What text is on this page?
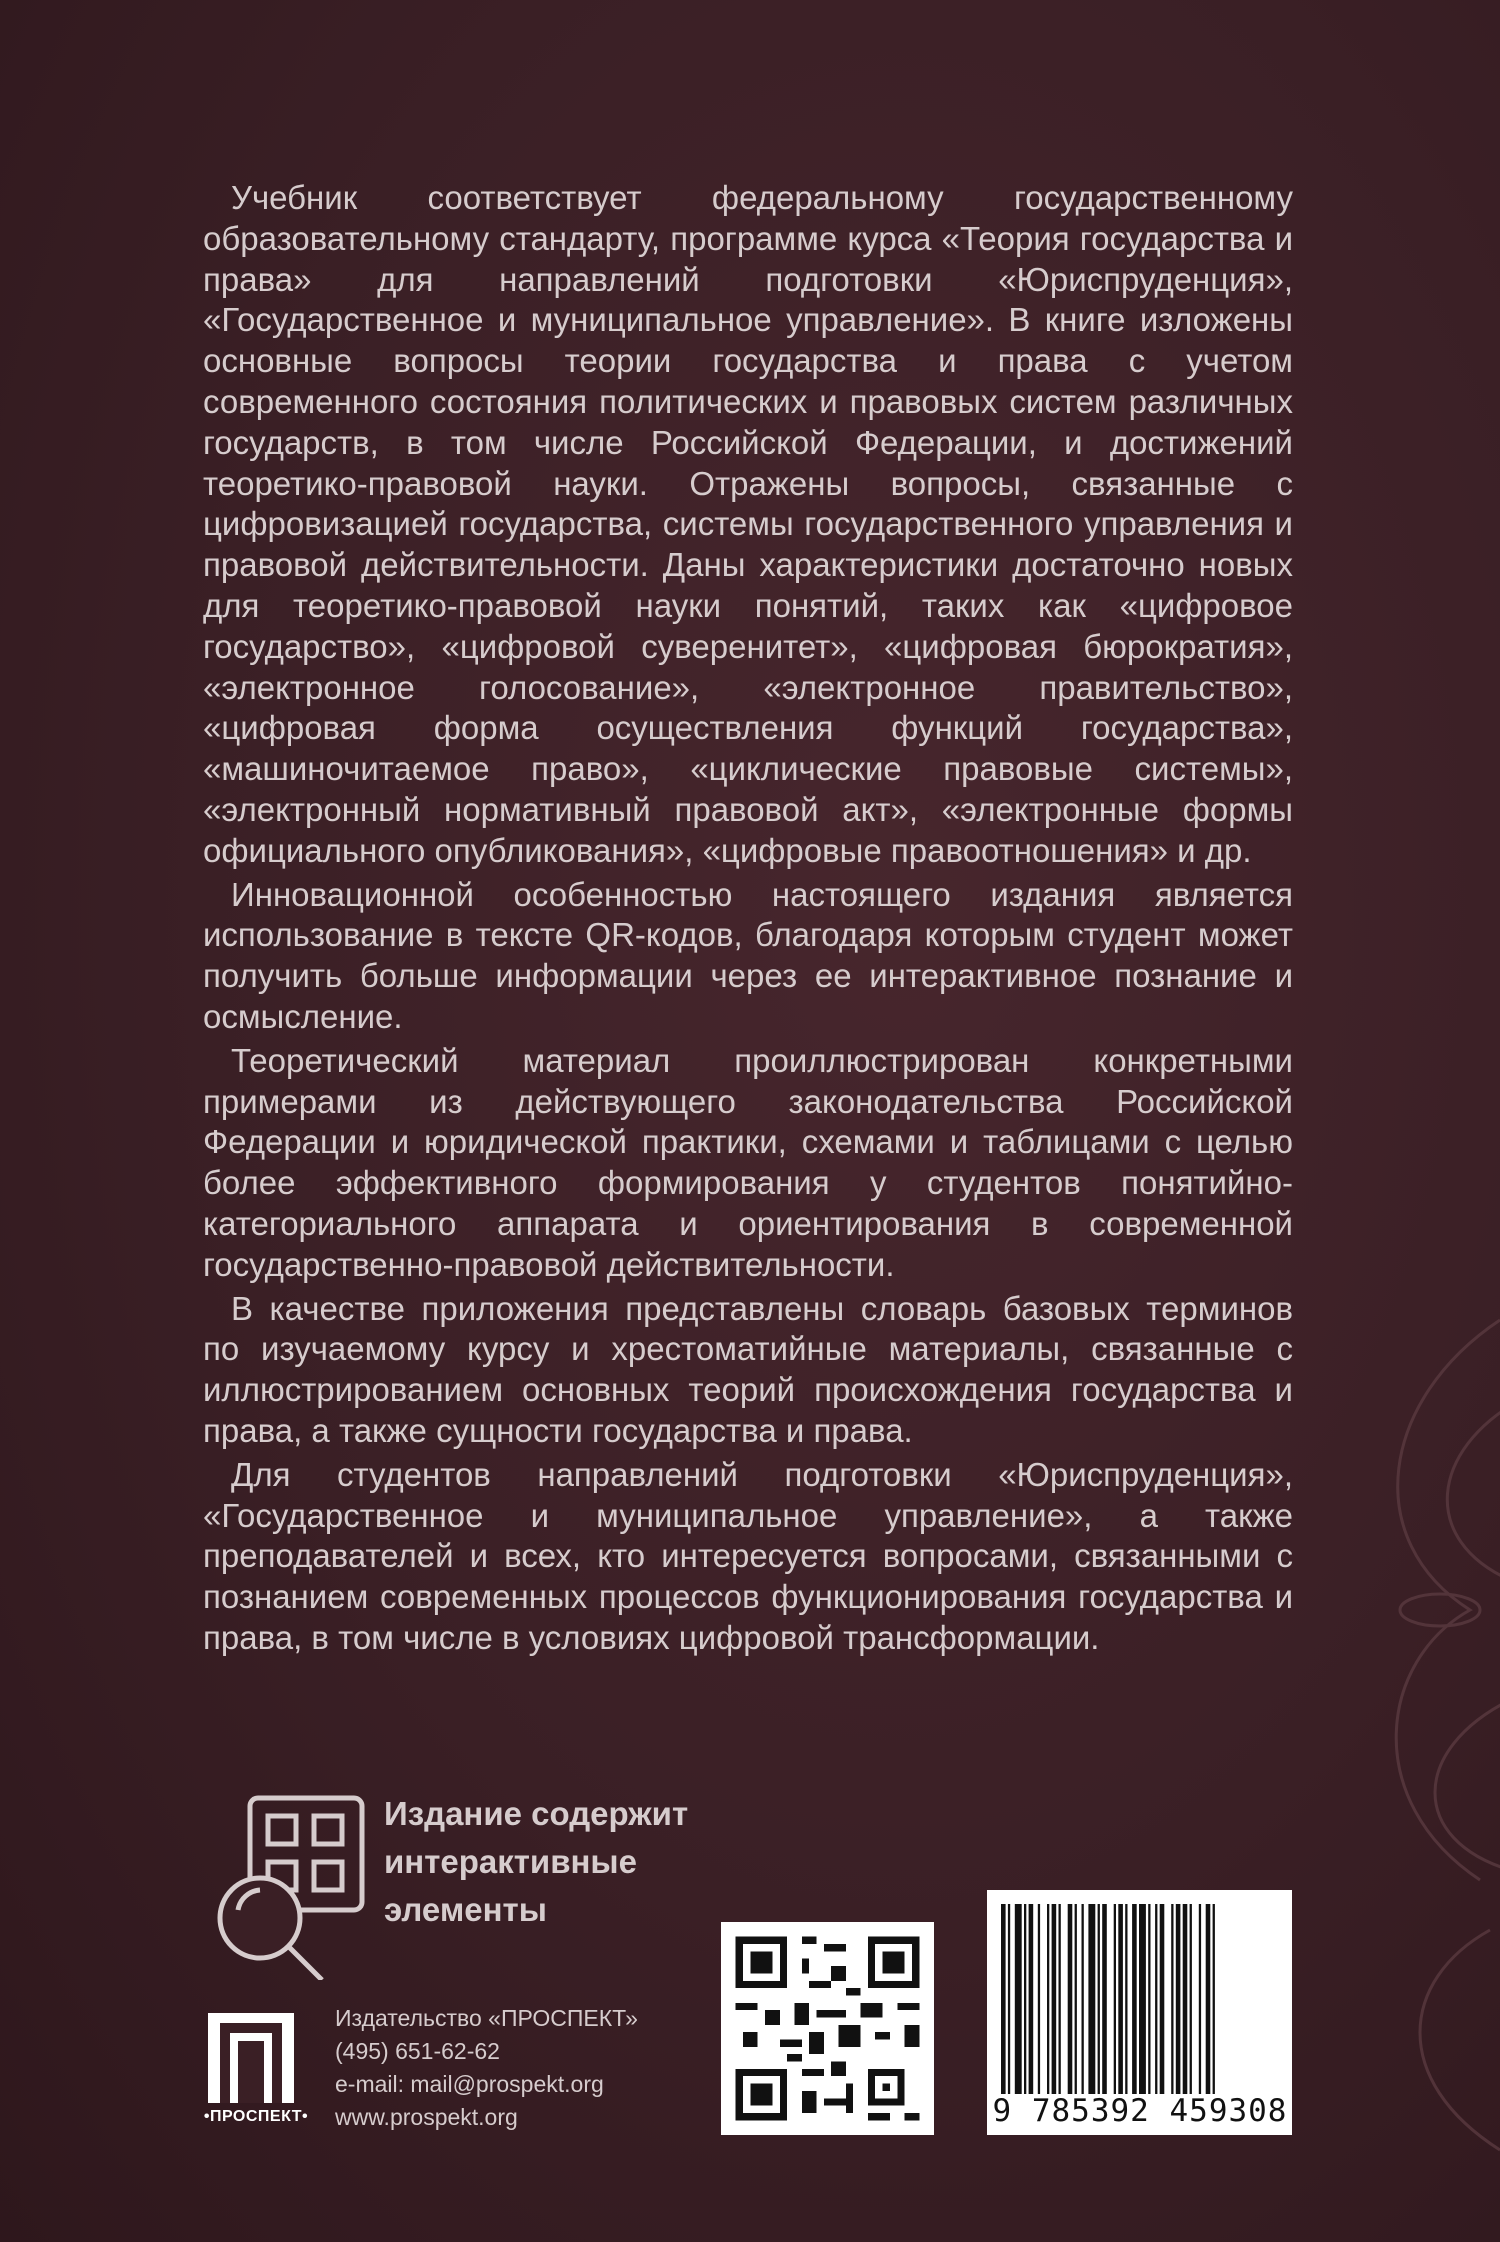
Учебник соответствует федеральному государственному образовательному стандарту, программе курса «Теория государства и права» для направлений подготовки «Юриспруденция», «Государственное и муниципальное управление». В книге изложены основные вопросы теории государства и права с учетом современного состояния политических и правовых систем различных государств, в том числе Российской Федерации, и достижений теоретико-правовой науки. Отражены вопросы, связанные с цифровизацией государства, системы государственного управления и правовой действительности. Даны характеристики достаточно новых для теоретико-правовой науки понятий, таких как «цифровое государство», «цифровой суверенитет», «цифровая бюрократия», «электронное голосование», «электронное правительство», «цифровая форма осуществления функций государства», «машиночитаемое право», «циклические правовые системы», «электронный нормативный правовой акт», «электронные формы официального опубликования», «цифровые правоотношения» и др.

Инновационной особенностью настоящего издания является использование в тексте QR-кодов, благодаря которым студент может получить больше информации через ее интерактивное познание и осмысление.

Теоретический материал проиллюстрирован конкретными примерами из действующего законодательства Российской Федерации и юридической практики, схемами и таблицами с целью более эффективного формирования у студентов понятийно-категориального аппарата и ориентирования в современной государственно-правовой действительности.

В качестве приложения представлены словарь базовых терминов по изучаемому курсу и хрестоматийные материалы, связанные с иллюстрированием основных теорий происхождения государства и права, а также сущности государства и права.

Для студентов направлений подготовки «Юриспруденция», «Государственное и муниципальное управление», а также преподавателей и всех, кто интересуется вопросами, связанными с познанием современных процессов функционирования государства и права, в том числе в условиях цифровой трансформации.

Издание содержит
интерактивные
элементы
•ПРОСПЕКТ•
Издательство «ПРОСПЕКТ»
(495) 651-62-62
e-mail: mail@prospekt.org
www.prospekt.org	9 785392 459308
